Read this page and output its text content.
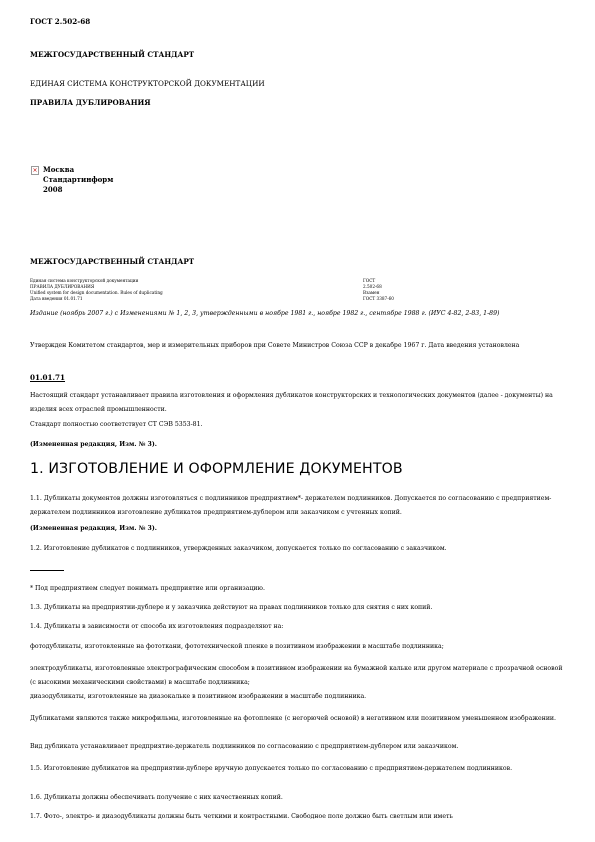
ГОСТ 2.502-68

МЕЖГОСУДАРСТВЕННЫЙ СТАНДАРТ

ЕДИНАЯ СИСТЕМА КОНСТРУКТОРСКОЙ ДОКУМЕНТАЦИИ

ПРАВИЛА ДУБЛИРОВАНИЯ

× Москва

Стандартинформ

2008

МЕЖГОСУДАРСТВЕННЫЙ СТАНДАРТ

Единая система конструкторской документации

ПРАВИЛА ДУБЛИРОВАНИЯ

Unified system for design documentation. Rules of duplicating

Дата введения 01.01.71

ГОСТ

2.502-68

Взамен

ГОСТ 3387-60

Издание (ноябрь 2007 г.) с Изменениями № 1, 2, 3, утвержденными в ноябре 1981 г., ноябре 1982 г., сентябре 1988 г. (ИУС 4-82, 2-83, 1-89)

Утвержден Комитетом стандартов, мер и измерительных приборов при Совете Министров Союза ССР в декабре 1967 г. Дата введения установлена

01.01.71

Настоящий стандарт устанавливает правила изготовления и оформления дубликатов конструкторских и технологических документов (далее - документы) на изделия всех отраслей промышленности.

Стандарт полностью соответствует СТ СЭВ 5353-81.

(Измененная редакция, Изм. № 3).

1. ИЗГОТОВЛЕНИЕ И ОФОРМЛЕНИЕ ДОКУМЕНТОВ

1.1. Дубликаты документов должны изготовляться с подлинников предприятием*- держателем подлинников. Допускается по согласованию с предприятием-держателем подлинников изготовление дубликатов предприятием-дублером или заказчиком с учтенных копий.

(Измененная редакция, Изм. № 3).

1.2. Изготовление дубликатов с подлинников, утвержденных заказчиком, допускается только по согласованию с заказчиком.

* Под предприятием следует понимать предприятие или организацию.

1.3. Дубликаты на предприятии-дублере и у заказчика действуют на правах подлинников только для снятия с них копий.

1.4. Дубликаты в зависимости от способа их изготовления подразделяют на:

фотодубликаты, изготовленные на фототкани, фототехнической пленке в позитивном изображении в масштабе подлинника;

электродубликаты, изготовленные электрографическим способом в позитивном изображении на бумажной кальке или другом материале с прозрачной основой (с высокими механическими свойствами) в масштабе подлинника;

диазодубликаты, изготовленные на диазокальке в позитивном изображении в масштабе подлинника.

Дубликатами являются также микрофильмы, изготовленные на фотопленке (с негорючей основой) в негативном или позитивном уменьшенном изображении.

Вид дубликата устанавливает предприятие-держатель подлинников по согласованию с предприятием-дублером или заказчиком.

1.5. Изготовление дубликатов на предприятии-дублере вручную допускается только по согласованию с предприятием-держателем подлинников.

1.6. Дубликаты должны обеспечивать получение с них качественных копий.

1.7. Фото-, электро- и диазодубликаты должны быть четкими и контрастными. Свободное поле должно быть светлым или иметь
